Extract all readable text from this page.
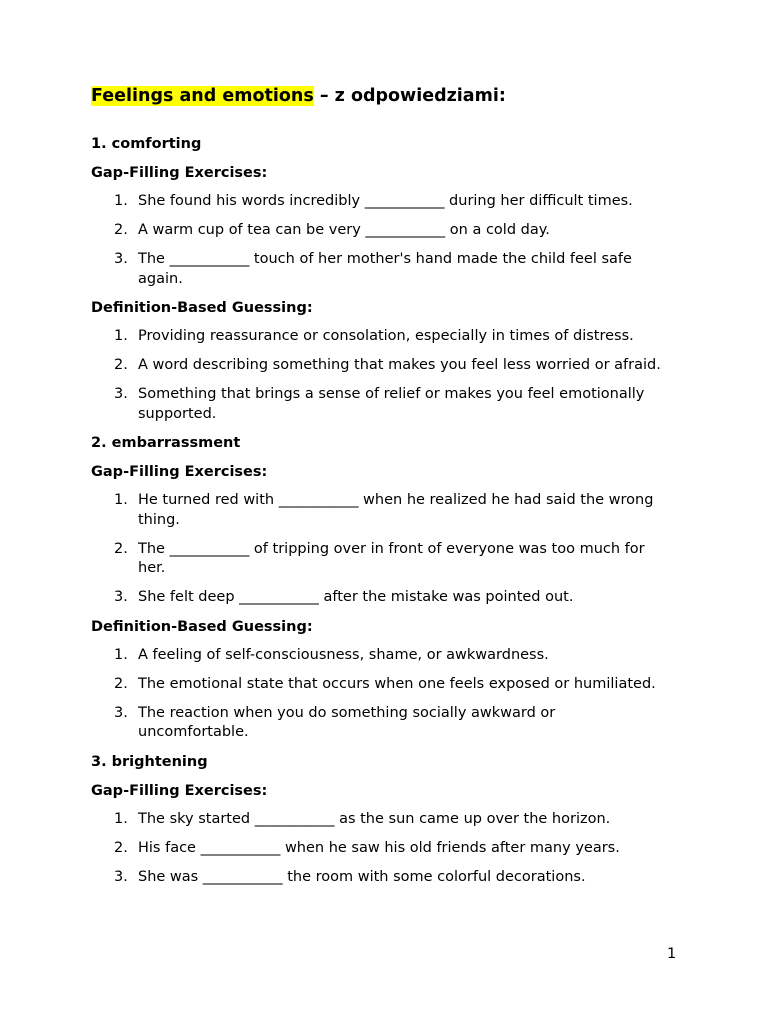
Feelings and emotions – z odpowiedziami:
1. comforting
Gap-Filling Exercises:
1. She found his words incredibly ___________ during her difficult times.
2. A warm cup of tea can be very ___________ on a cold day.
3. The ___________ touch of her mother's hand made the child feel safe again.
Definition-Based Guessing:
1. Providing reassurance or consolation, especially in times of distress.
2. A word describing something that makes you feel less worried or afraid.
3. Something that brings a sense of relief or makes you feel emotionally supported.
2. embarrassment
Gap-Filling Exercises:
1. He turned red with ___________ when he realized he had said the wrong thing.
2. The ___________ of tripping over in front of everyone was too much for her.
3. She felt deep ___________ after the mistake was pointed out.
Definition-Based Guessing:
1. A feeling of self-consciousness, shame, or awkwardness.
2. The emotional state that occurs when one feels exposed or humiliated.
3. The reaction when you do something socially awkward or uncomfortable.
3. brightening
Gap-Filling Exercises:
1. The sky started ___________ as the sun came up over the horizon.
2. His face ___________ when he saw his old friends after many years.
3. She was ___________ the room with some colorful decorations.
1
